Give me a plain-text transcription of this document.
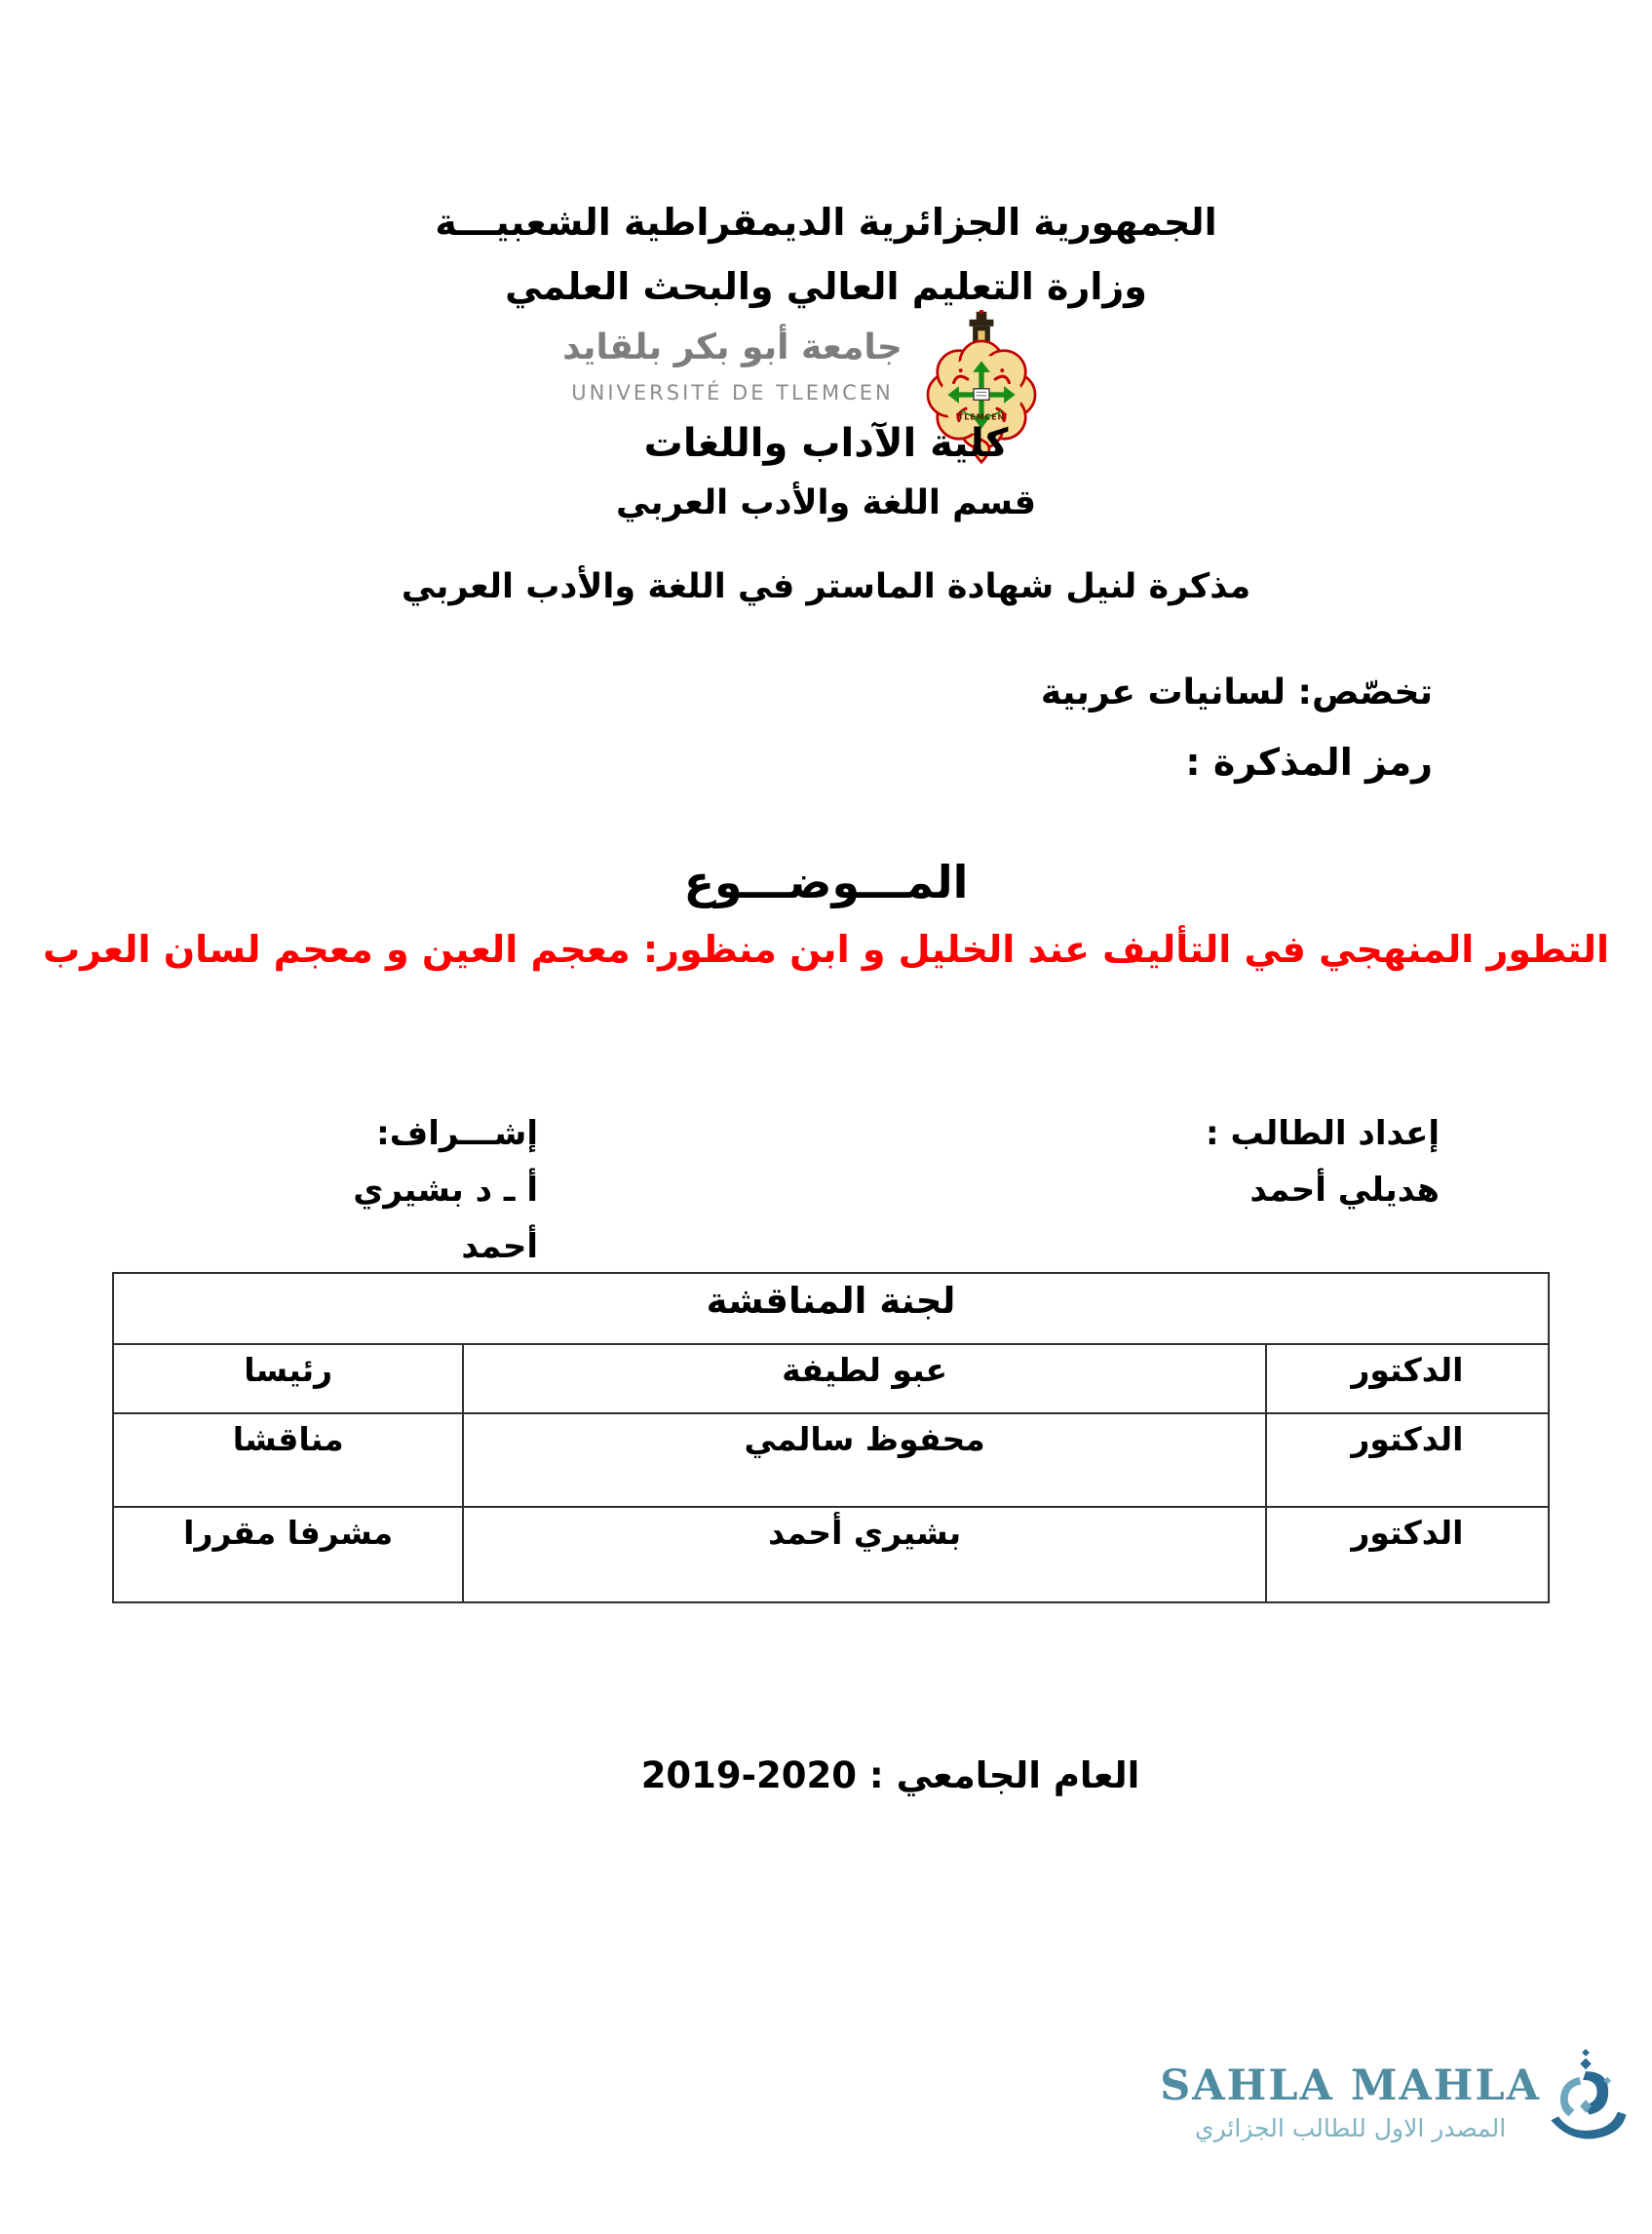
الجمهورية الجزائرية الديمقراطية الشعبيـــة
وزارة التعليم العالي والبحث العلمي
TLEMCEN
جامعة أبو بكر بلقايد
UNIVERSITÉ DE TLEMCEN
كلية الآداب واللغات
قسم اللغة والأدب العربي
مذكرة لنيل شهادة الماستر في اللغة والأدب العربي
تخصّص: لسانيات عربية
رمز المذكرة :
المـــوضـــوع
التطور المنهجي في التأليف عند الخليل و ابن منظور: معجم العين و معجم لسان العرب
إعداد الطالب :
هديلي أحمد
إشـــراف:
أ ـ د بشيري أحمد
لجنة المناقشة		
الدكتور	عبو لطيفة	رئيسا
الدكتور	محفوظ سالمي	مناقشا
الدكتور	بشيري أحمد	مشرفا مقررا
العام الجامعي : 2020-2019
SAHLA MAHLA
المصدر الاول للطالب الجزائري
